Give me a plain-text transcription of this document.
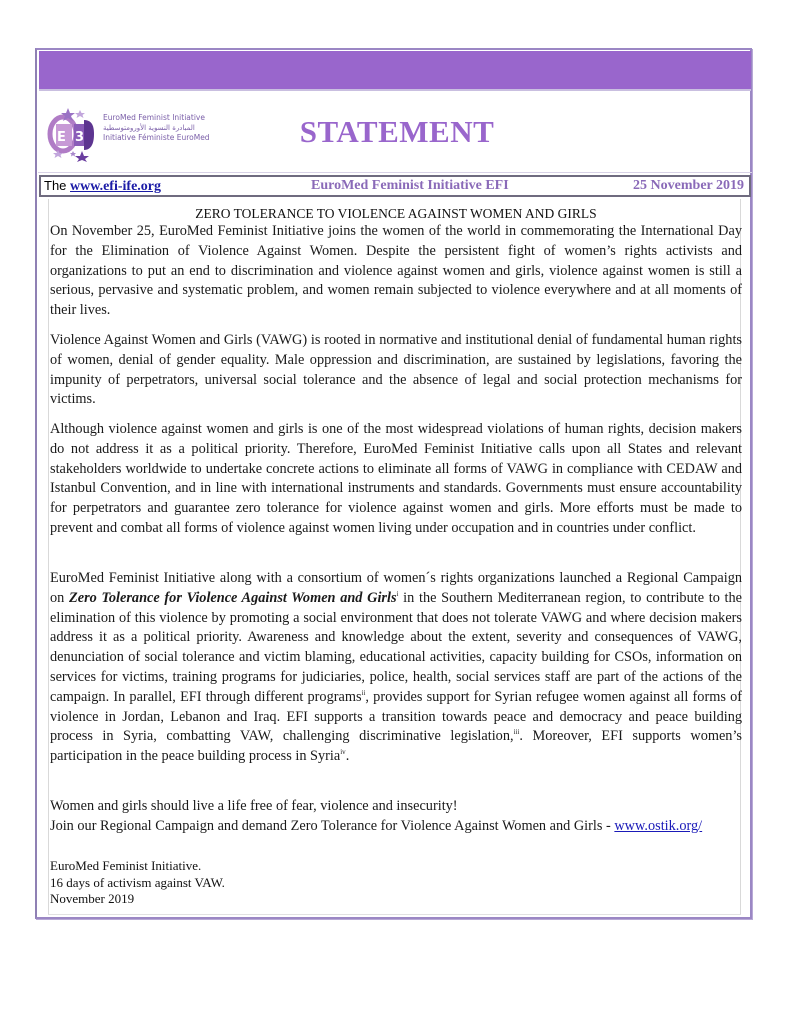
E 3
EuroMed Feminist Initiative
المبادرة النسوية الأورومتوسطية
Initiative Féministe EuroMed	STATEMENT
The www.efi-ife.org	EuroMed Feminist Initiative EFI	25 November 2019
ZERO TOLERANCE TO VIOLENCE AGAINST WOMEN AND GIRLS

On November 25, EuroMed Feminist Initiative joins the women of the world in commemorating the International Day for the Elimination of Violence Against Women. Despite the persistent fight of women’s rights activists and organizations to put an end to discrimination and violence against women and girls, violence against women is still a serious, pervasive and systematic problem, and women remain subjected to violence everywhere and at all moments of their lives.

Violence Against Women and Girls (VAWG) is rooted in normative and institutional denial of fundamental human rights of women, denial of gender equality. Male oppression and discrimination, are sustained by legislations, favoring the impunity of perpetrators, universal social tolerance and the absence of legal and social protection mechanisms for victims.

Although violence against women and girls is one of the most widespread violations of human rights, decision makers do not address it as a political priority. Therefore, EuroMed Feminist Initiative calls upon all States and relevant stakeholders worldwide to undertake concrete actions to eliminate all forms of VAWG in compliance with CEDAW and Istanbul Convention, and in line with international instruments and standards. Governments must ensure accountability for perpetrators and guarantee zero tolerance for violence against women and girls. More efforts must be made to prevent and combat all forms of violence against women living under occupation and in countries under conflict.

EuroMed Feminist Initiative along with a consortium of women´s rights organizations launched a Regional Campaign on Zero Tolerance for Violence Against Women and Girls$^i$ in the Southern Mediterranean region, to contribute to the elimination of this violence by promoting a social environment that does not tolerate VAWG and where decision makers address it as a political priority. Awareness and knowledge about the extent, severity and consequences of VAWG, denunciation of social tolerance and victim blaming, educational activities, capacity building for CSOs, information on services for victims, training programs for judiciaries, police, health, social services staff are part of the actions of the campaign. In parallel, EFI through different programs$^{ii}$, provides support for Syrian refugee women against all forms of violence in Jordan, Lebanon and Iraq. EFI supports a transition towards peace and democracy and peace building process in Syria, combatting VAW, challenging discriminative legislation,$^{iii}$. Moreover, EFI supports women’s participation in the peace building process in Syria$^{iv}$.

Women and girls should live a life free of fear, violence and insecurity!
Join our Regional Campaign and demand Zero Tolerance for Violence Against Women and Girls - www.ostik.org/
EuroMed Feminist Initiative.
16 days of activism against VAW.
November 2019
